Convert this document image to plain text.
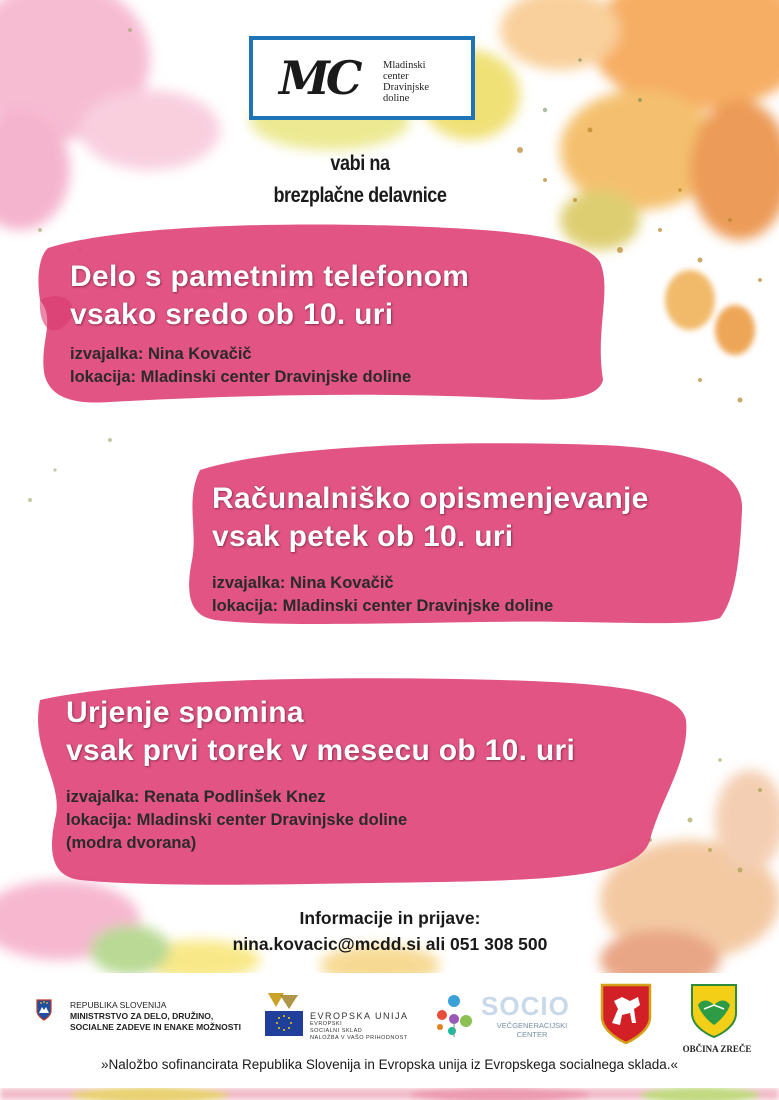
MC Mladinski
center
Dravinjske
doline
vabi na
brezplačne delavnice
Delo s pametnim telefonom
vsako sredo ob 10. uri
izvajalka: Nina Kovačič
lokacija: Mladinski center Dravinjske doline
Računalniško opismenjevanje
vsak petek ob 10. uri
izvajalka: Nina Kovačič
lokacija: Mladinski center Dravinjske doline
Urjenje spomina
vsak prvi torek v mesecu ob 10. uri
izvajalka: Renata Podlinšek Knez
lokacija: Mladinski center Dravinjske doline
(modra dvorana)
Informacije in prijave:
nina.kovacic@mcdd.si ali 051 308 500
REPUBLIKA SLOVENIJA
MINISTRSTVO ZA DELO, DRUŽINO,
SOCIALNE ZADEVE IN ENAKE MOŽNOSTI
EVROPSKA UNIJA
EVROPSKI
SOCIALNI SKLAD
NALOŽBA V VAŠO PRIHODNOST
SOCIO
VEČGENERACIJSKI
CENTER
OBČINA ZREČE
»Naložbo sofinancirata Republika Slovenija in Evropska unija iz Evropskega socialnega sklada.«
